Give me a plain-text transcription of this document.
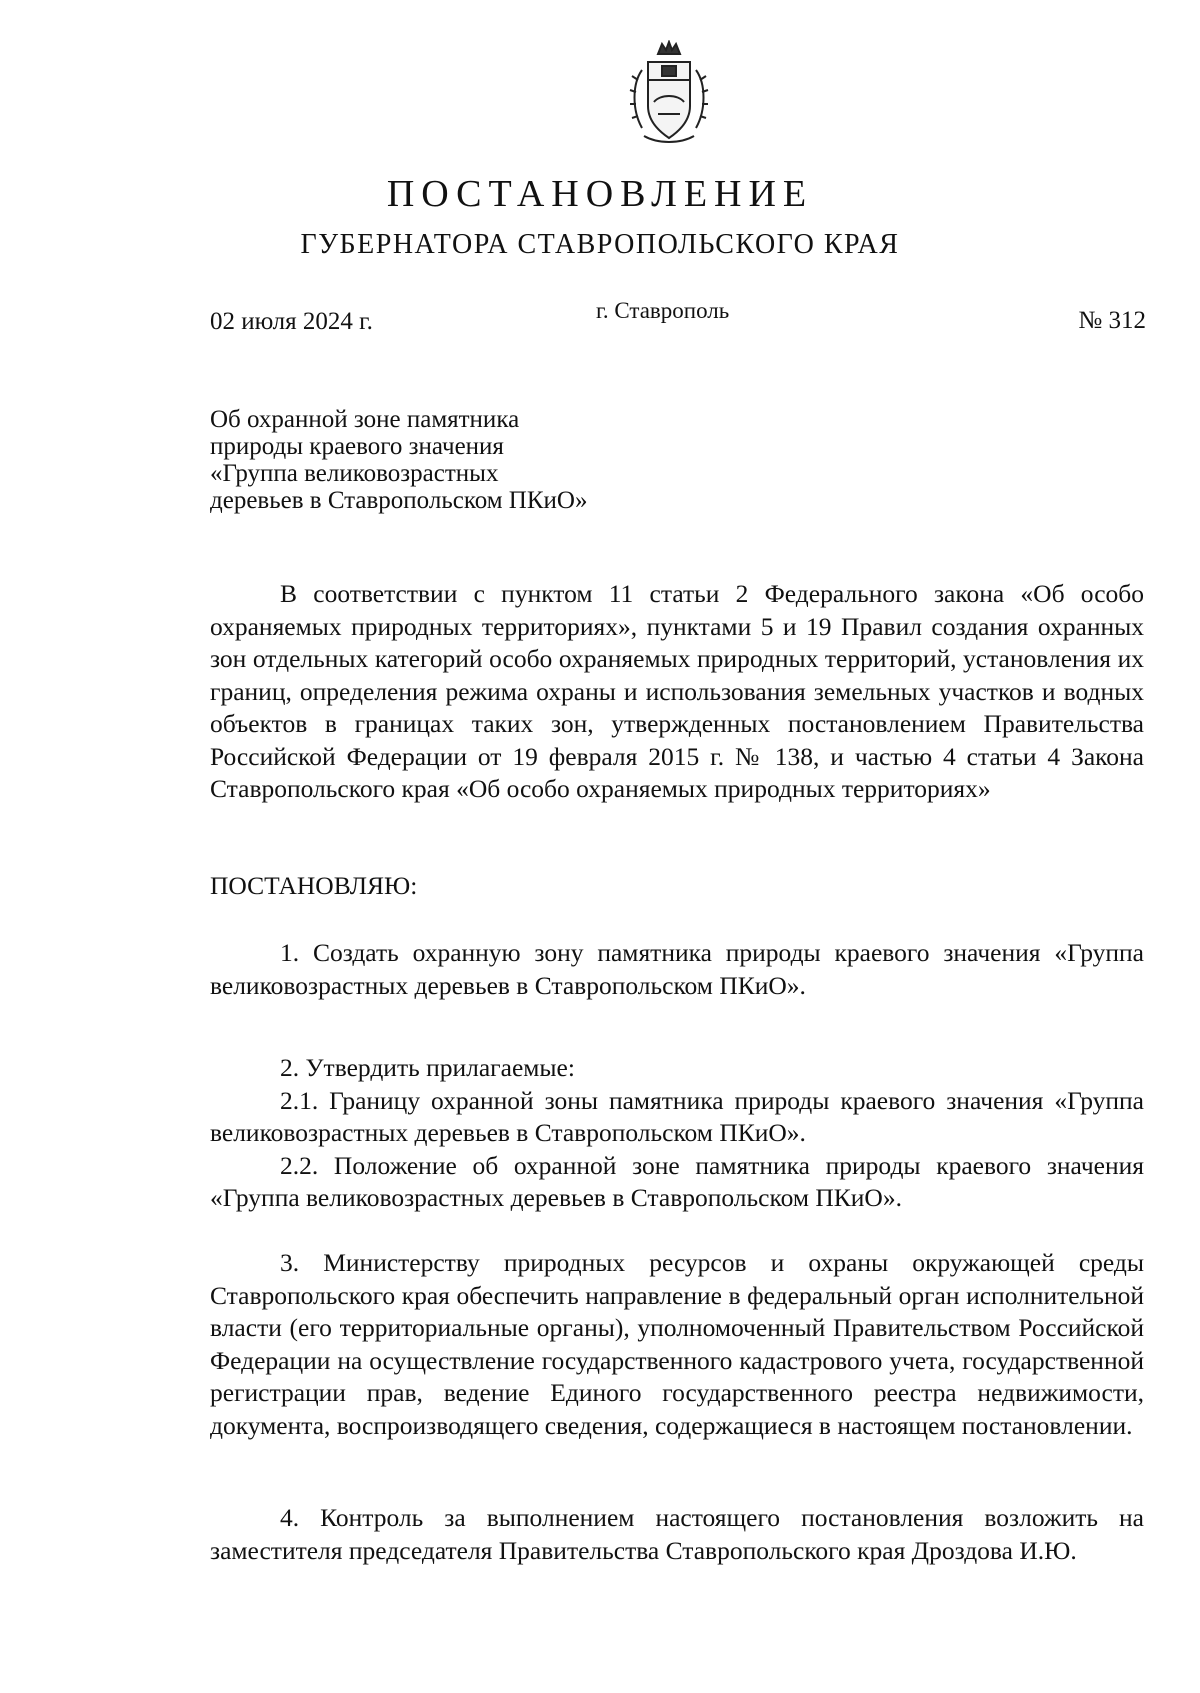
ПОСТАНОВЛЕНИЕ
ГУБЕРНАТОРА СТАВРОПОЛЬСКОГО КРАЯ
02 июля 2024 г.	г. Ставрополь	№ 312
Об охранной зоне памятника
природы краевого значения
«Группа великовозрастных
деревьев в Ставропольском ПКиО»

В соответствии с пунктом 11 статьи 2 Федерального закона «Об особо охраняемых природных территориях», пунктами 5 и 19 Правил создания охранных зон отдельных категорий особо охраняемых природных территорий, установления их границ, определения режима охраны и использования земельных участков и водных объектов в границах таких зон, утвержденных постановлением Правительства Российской Федерации от 19 февраля 2015 г. № 138, и частью 4 статьи 4 Закона Ставропольского края «Об особо охраняемых природных территориях»

ПОСТАНОВЛЯЮ:

1. Создать охранную зону памятника природы краевого значения «Группа великовозрастных деревьев в Ставропольском ПКиО».

2. Утвердить прилагаемые:

2.1. Границу охранной зоны памятника природы краевого значения «Группа великовозрастных деревьев в Ставропольском ПКиО».

2.2. Положение об охранной зоне памятника природы краевого значения «Группа великовозрастных деревьев в Ставропольском ПКиО».

3. Министерству природных ресурсов и охраны окружающей среды Ставропольского края обеспечить направление в федеральный орган исполнительной власти (его территориальные органы), уполномоченный Правительством Российской Федерации на осуществление государственного кадастрового учета, государственной регистрации прав, ведение Единого государственного реестра недвижимости, документа, воспроизводящего сведения, содержащиеся в настоящем постановлении.

4. Контроль за выполнением настоящего постановления возложить на заместителя председателя Правительства Ставропольского края Дроздова И.Ю.
